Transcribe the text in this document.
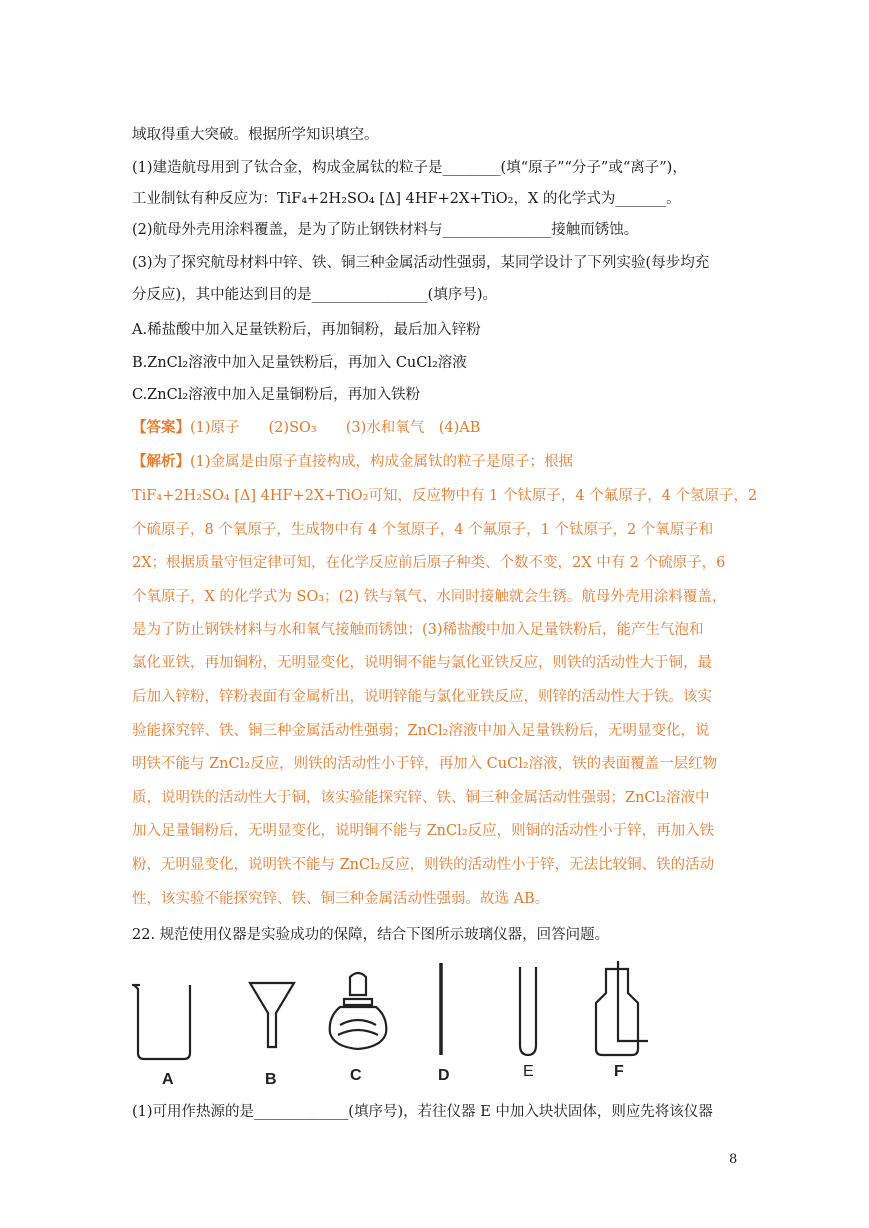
域取得重大突破。根据所学知识填空。
(1)建造航母用到了钛合金，构成金属钛的粒子是________(填“原子”“分子”或“离子”)，
工业制钛有种反应为：TiF₄+2H₂SO₄ [Δ] 4HF+2X+TiO₂，X 的化学式为_______。
(2)航母外壳用涂料覆盖，是为了防止钢铁材料与_______________接触而锈蚀。
(3)为了探究航母材料中锌、铁、铜三种金属活动性强弱，某同学设计了下列实验(每步均充
分反应)，其中能达到目的是________________(填序号)。
A.稀盐酸中加入足量铁粉后，再加铜粉，最后加入锌粉
B.ZnCl₂溶液中加入足量铁粉后，再加入 CuCl₂溶液
C.ZnCl₂溶液中加入足量铜粉后，再加入铁粉
【答案】(1)原子　　(2)SO₃　　(3)水和氧气　(4)AB
【解析】(1)金属是由原子直接构成，构成金属钛的粒子是原子；根据
TiF₄+2H₂SO₄ [Δ] 4HF+2X+TiO₂可知，反应物中有 1 个钛原子，4 个氟原子，4 个氢原子，2
个硫原子，8 个氧原子，生成物中有 4 个氢原子，4 个氟原子，1 个钛原子，2 个氧原子和
2X；根据质量守恒定律可知，在化学反应前后原子种类、个数不变，2X 中有 2 个硫原子，6
个氧原子，X 的化学式为 SO₃；(2) 铁与氧气、水同时接触就会生锈。航母外壳用涂料覆盖，
是为了防止钢铁材料与水和氧气接触而锈蚀；(3)稀盐酸中加入足量铁粉后，能产生气泡和
氯化亚铁，再加铜粉，无明显变化，说明铜不能与氯化亚铁反应，则铁的活动性大于铜，最
后加入锌粉，锌粉表面有金属析出，说明锌能与氯化亚铁反应，则锌的活动性大于铁。该实
验能探究锌、铁、铜三种金属活动性强弱；ZnCl₂溶液中加入足量铁粉后，无明显变化，说
明铁不能与 ZnCl₂反应，则铁的活动性小于锌，再加入 CuCl₂溶液，铁的表面覆盖一层红物
质，说明铁的活动性大于铜，该实验能探究锌、铁、铜三种金属活动性强弱；ZnCl₂溶液中
加入足量铜粉后，无明显变化，说明铜不能与 ZnCl₂反应，则铜的活动性小于锌，再加入铁
粉，无明显变化，说明铁不能与 ZnCl₂反应，则铁的活动性小于锌，无法比较铜、铁的活动
性，该实验不能探究锌、铁、铜三种金属活动性强弱。故选 AB。
22. 规范使用仪器是实验成功的保障，结合下图所示玻璃仪器，回答问题。
A	B	C	D	E	F
(1)可用作热源的是_____________(填序号)，若往仪器 E 中加入块状固体，则应先将该仪器
8
